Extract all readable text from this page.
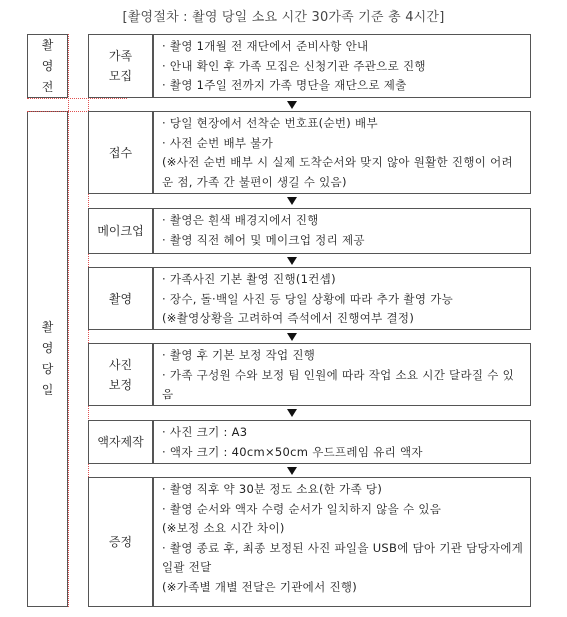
[촬영절차 : 촬영 당일 소요 시간 30가족 기준 총 4시간]
촬영전
촬영당일
가족
모집
· 촬영 1개월 전 재단에서 준비사항 안내
· 안내 확인 후 가족 모집은 신청기관 주관으로 진행
· 촬영 1주일 전까지 가족 명단을 재단으로 제출
접수
· 당일 현장에서 선착순 번호표(순번) 배부
· 사전 순번 배부 불가
(※사전 순번 배부 시 실제 도착순서와 맞지 않아 원활한 진행이 어려운 점, 가족 간 불편이 생길 수 있음)
메이크업
· 촬영은 흰색 배경지에서 진행
· 촬영 직전 헤어 및 메이크업 정리 제공
촬영
· 가족사진 기본 촬영 진행(1컨셉)
· 장수, 돌·백일 사진 등 당일 상황에 따라 추가 촬영 가능
(※촬영상황을 고려하여 즉석에서 진행여부 결정)
사진
보정
· 촬영 후 기본 보정 작업 진행
· 가족 구성원 수와 보정 팀 인원에 따라 작업 소요 시간 달라질 수 있음
액자제작
· 사진 크기 : A3
· 액자 크기 : 40cm×50cm 우드프레임 유리 액자
증정
· 촬영 직후 약 30분 정도 소요(한 가족 당)
· 촬영 순서와 액자 수령 순서가 일치하지 않을 수 있음
(※보정 소요 시간 차이)
· 촬영 종료 후, 최종 보정된 사진 파일을 USB에 담아 기관 담당자에게 일괄 전달
(※가족별 개별 전달은 기관에서 진행)
